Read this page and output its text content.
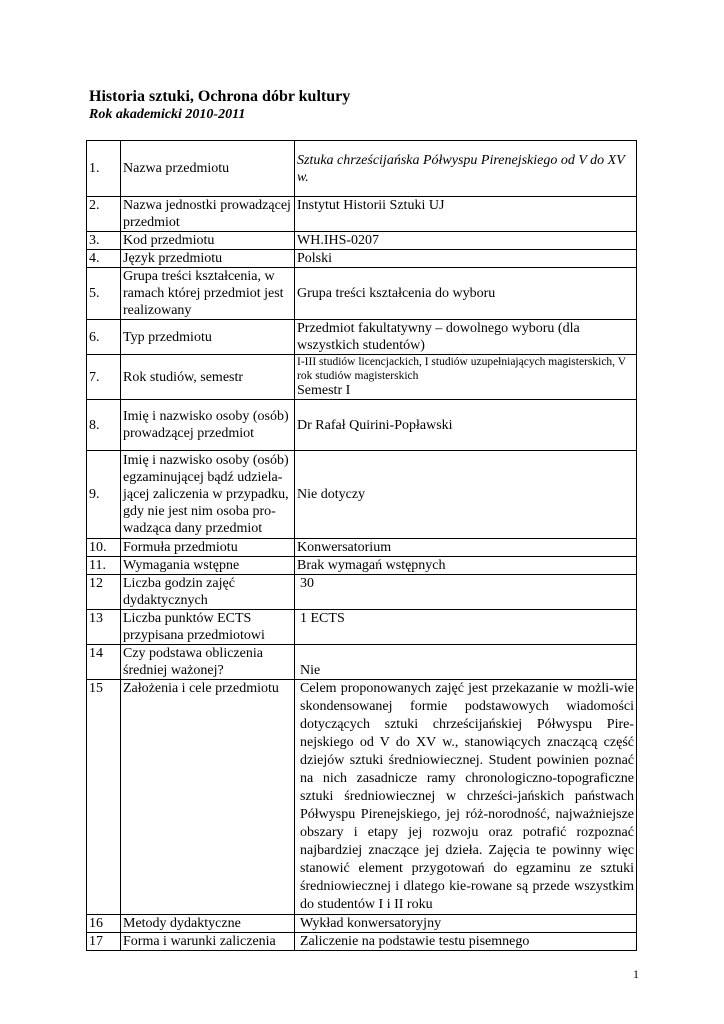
Historia sztuki, Ochrona dóbr kultury
Rok akademicki 2010-2011
1.	Nazwa przedmiotu	Sztuka chrześcijańska Półwyspu Pirenejskiego od V do XV w.
2.	Nazwa jednostki prowadzącej przedmiot	Instytut Historii Sztuki UJ
3.	Kod przedmiotu	WH.IHS-0207
4.	Język przedmiotu	Polski
5.	Grupa treści kształcenia, w ramach której przedmiot jest realizowany	Grupa treści kształcenia do wyboru
6.	Typ przedmiotu	Przedmiot fakultatywny – dowolnego wyboru (dla wszystkich studentów)
7.	Rok studiów, semestr	I-III studiów licencjackich, I studiów uzupełniających magisterskich, V rok studiów magisterskich
Semestr I

8.	Imię i nazwisko osoby (osób) prowadzącej przedmiot	Dr Rafał Quirini-Popławski
9.	Imię i nazwisko osoby (osób) egzaminującej bądź udziela-jącej zaliczenia w przypadku, gdy nie jest nim osoba pro-wadząca dany przedmiot	Nie dotyczy
10.	Formuła przedmiotu	Konwersatorium
11.	Wymagania wstępne	Brak wymagań wstępnych
12	Liczba godzin zajęć dydaktycznych	30
13	Liczba punktów ECTS przypisana przedmiotowi	1 ECTS
14	Czy podstawa obliczenia średniej ważonej?	Nie
15	Założenia i cele przedmiotu	Celem proponowanych zajęć jest przekazanie w możli-wie skondensowanej formie podstawowych wiadomości dotyczących sztuki chrześcijańskiej Półwyspu Pire-nejskiego od V do XV w., stanowiących znaczącą część dziejów sztuki średniowiecznej. Student powinien poznać na nich zasadnicze ramy chronologiczno-topograficzne sztuki średniowiecznej w chrześci-jańskich państwach Półwyspu Pirenejskiego, jej róż-norodność, najważniejsze obszary i etapy jej rozwoju oraz potrafić rozpoznać najbardziej znaczące jej dzieła. Zajęcia te powinny więc stanowić element przygotowań do egzaminu ze sztuki średniowiecznej i dlatego kie-rowane są przede wszystkim do studentów I i II roku
16	Metody dydaktyczne	Wykład konwersatoryjny
17	Forma i warunki zaliczenia	Zaliczenie na podstawie testu pisemnego
1
